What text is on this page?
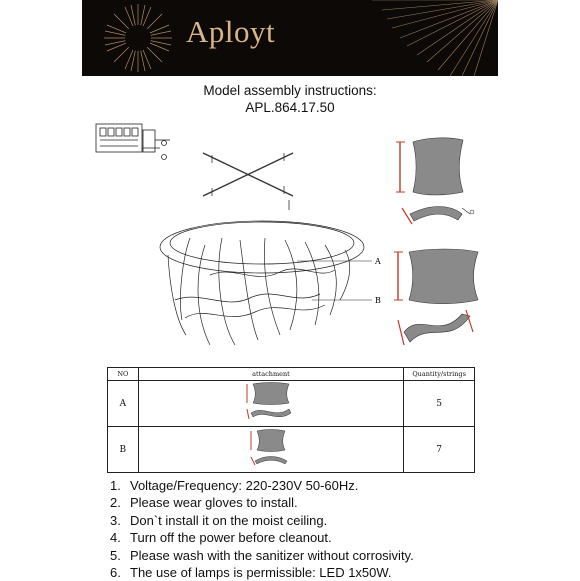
Aployt
Model assembly instructions:
APL.864.17.50
A
B
NO	attachment	Quantity/strings
A		5
B		7
1. Voltage/Frequency: 220-230V 50-60Hz.
2. Please wear gloves to install.
3. Don`t install it on the moist ceiling.
4. Turn off the power before cleanout.
5. Please wash with the sanitizer without corrosivity.
6. The use of lamps is permissible: LED 1x50W.
